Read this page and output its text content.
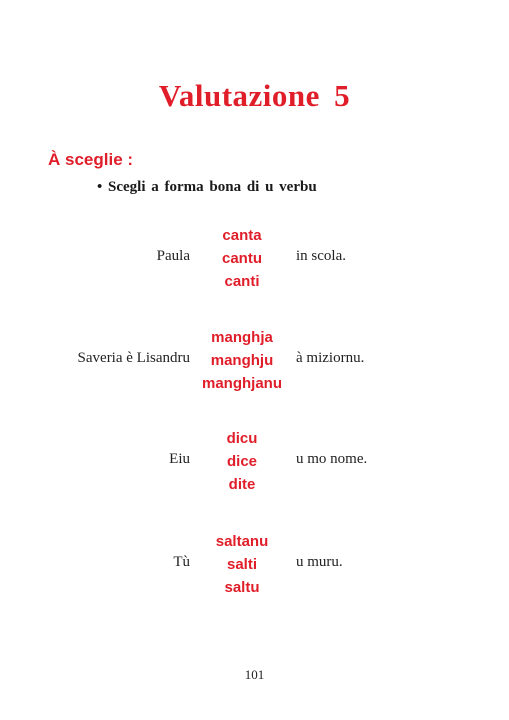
Valutazione 5
À sceglie :
• Scegli a forma bona di u verbu
Paula
canta
cantu
canti
in scola.
Saveria è Lisandru
manghja
manghju
manghjanu
à miziornu.
Eiu
dicu
dice
dite
u mo nome.
Tù
saltanu
salti
saltu
u muru.
101
